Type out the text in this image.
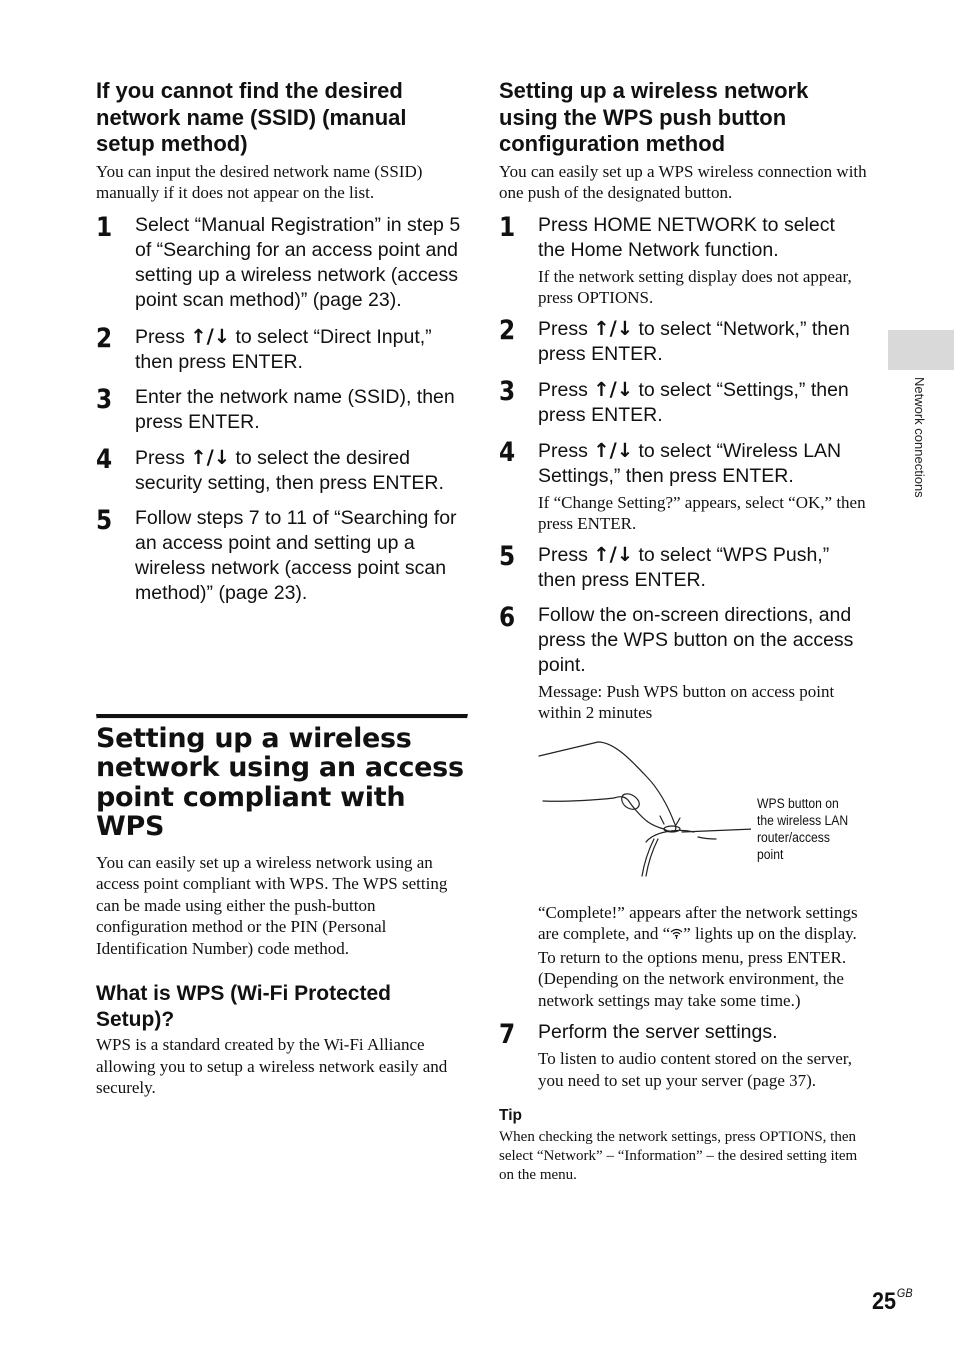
If you cannot find the desired network name (SSID) (manual setup method)

You can input the desired network name (SSID) manually if it does not appear on the list.

1 Select “Manual Registration” in step 5 of “Searching for an access point and setting up a wireless network (access point scan method)” (page 23).

2 Press ↑/↓ to select “Direct Input,” then press ENTER.

3 Enter the network name (SSID), then press ENTER.

4 Press ↑/↓ to select the desired security setting, then press ENTER.

5 Follow steps 7 to 11 of “Searching for an access point and setting up a wireless network (access point scan method)” (page 23).

Setting up a wireless network using an access point compliant with WPS

You can easily set up a wireless network using an access point compliant with WPS. The WPS setting can be made using either the push-button configuration method or the PIN (Personal Identification Number) code method.

What is WPS (Wi-Fi Protected Setup)?

WPS is a standard created by the Wi-Fi Alliance allowing you to setup a wireless network easily and securely.

Setting up a wireless network using the WPS push button configuration method

You can easily set up a WPS wireless connection with one push of the designated button.

1 Press HOME NETWORK to select the Home Network function.

If the network setting display does not appear, press OPTIONS.

2 Press ↑/↓ to select “Network,” then press ENTER.

3 Press ↑/↓ to select “Settings,” then press ENTER.

4 Press ↑/↓ to select “Wireless LAN Settings,” then press ENTER.

If “Change Setting?” appears, select “OK,” then press ENTER.

5 Press ↑/↓ to select “WPS Push,” then press ENTER.

6 Follow the on-screen directions, and press the WPS button on the access point.

Message: Push WPS button on access point within 2 minutes

“Complete!” appears after the network settings are complete, and “ ” lights up on the display. To return to the options menu, press ENTER.
(Depending on the network environment, the network settings may take some time.)

7 Perform the server settings.

To listen to audio content stored on the server, you need to set up your server (page 37).

Tip

When checking the network settings, press OPTIONS, then select “Network” – “Information” – the desired setting item on the menu.

WPS button on the wireless LAN router/access point
Network connections
$25^{GB}$
